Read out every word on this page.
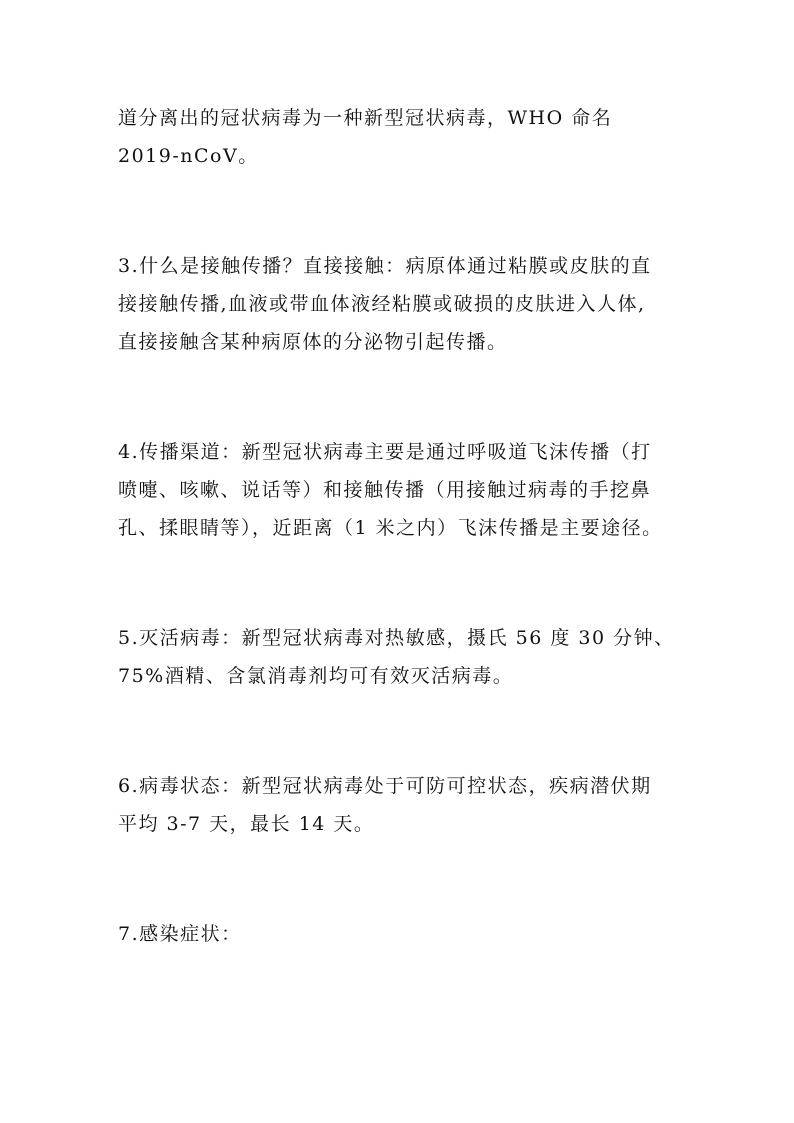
道分离出的冠状病毒为一种新型冠状病毒，WHO 命名
2019-nCoV。
3.什么是接触传播？直接接触：病原体通过粘膜或皮肤的直
接接触传播,血液或带血体液经粘膜或破损的皮肤进入人体,
直接接触含某种病原体的分泌物引起传播。
4.传播渠道：新型冠状病毒主要是通过呼吸道飞沫传播（打
喷嚏、咳嗽、说话等）和接触传播（用接触过病毒的手挖鼻
孔、揉眼睛等），近距离（1 米之内）飞沫传播是主要途径。
5.灭活病毒：新型冠状病毒对热敏感，摄氏 56 度 30 分钟、
75%酒精、含氯消毒剂均可有效灭活病毒。
6.病毒状态：新型冠状病毒处于可防可控状态，疾病潜伏期
平均 3-7 天，最长 14 天。
7.感染症状：
